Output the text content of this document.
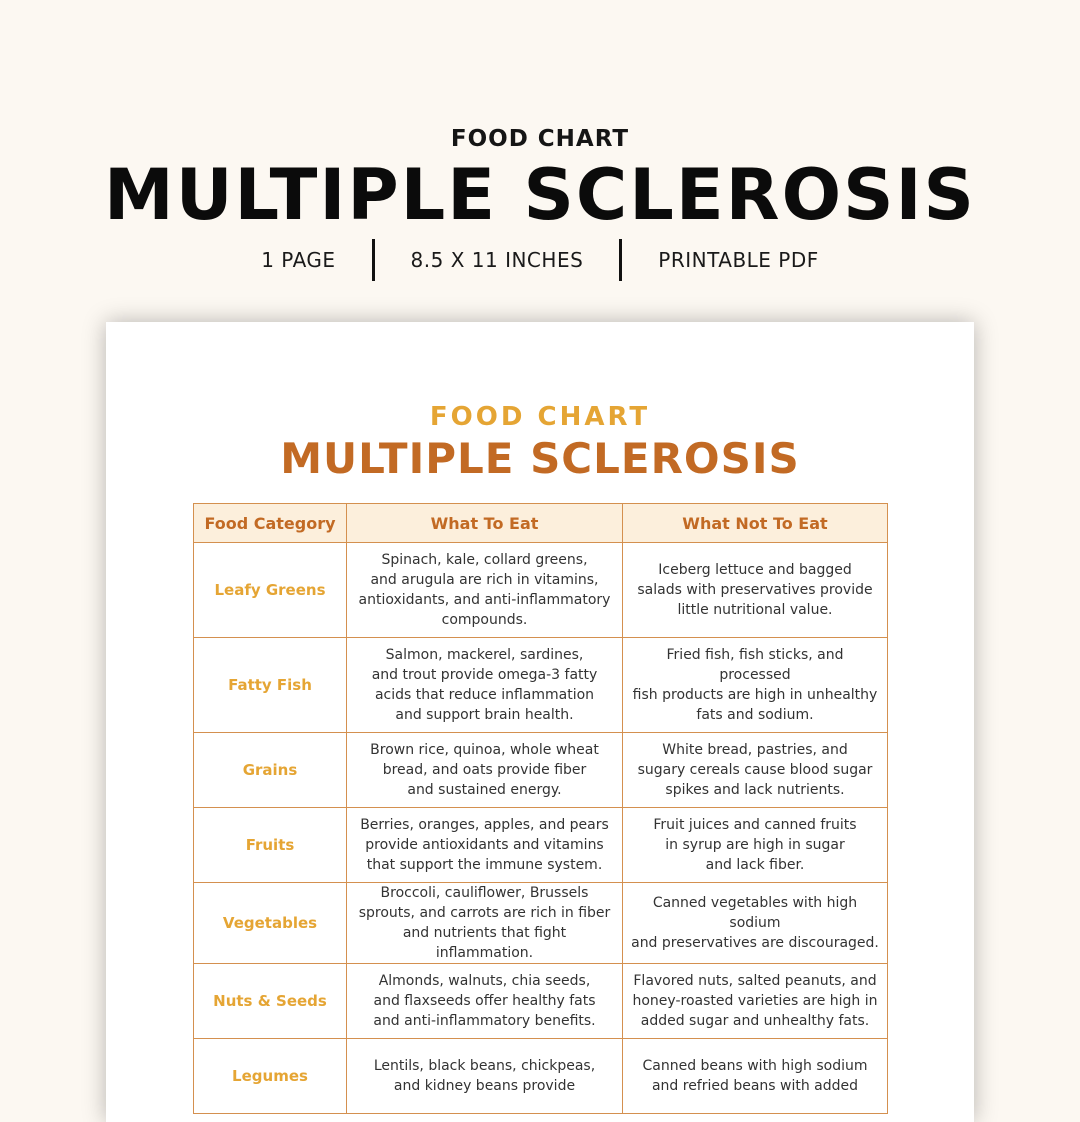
FOOD CHART
MULTIPLE SCLEROSIS
1 PAGE	8.5 X 11 INCHES	PRINTABLE PDF
FOOD CHART
MULTIPLE SCLEROSIS
Food Category	What To Eat	What Not To Eat
Leafy Greens	Spinach, kale, collard greens,
and arugula are rich in vitamins,
antioxidants, and anti-inflammatory
compounds.	Iceberg lettuce and bagged
salads with preservatives provide
little nutritional value.
Fatty Fish	Salmon, mackerel, sardines,
and trout provide omega-3 fatty
acids that reduce inflammation
and support brain health.	Fried fish, fish sticks, and processed
fish products are high in unhealthy
fats and sodium.
Grains	Brown rice, quinoa, whole wheat
bread, and oats provide fiber
and sustained energy.	White bread, pastries, and
sugary cereals cause blood sugar
spikes and lack nutrients.
Fruits	Berries, oranges, apples, and pears
provide antioxidants and vitamins
that support the immune system.	Fruit juices and canned fruits
in syrup are high in sugar
and lack fiber.
Vegetables	Broccoli, cauliflower, Brussels
sprouts, and carrots are rich in fiber
and nutrients that fight inflammation.	Canned vegetables with high sodium
and preservatives are discouraged.
Nuts & Seeds	Almonds, walnuts, chia seeds,
and flaxseeds offer healthy fats
and anti-inflammatory benefits.	Flavored nuts, salted peanuts, and
honey-roasted varieties are high in
added sugar and unhealthy fats.
Legumes	Lentils, black beans, chickpeas,
and kidney beans provide	Canned beans with high sodium
and refried beans with added
